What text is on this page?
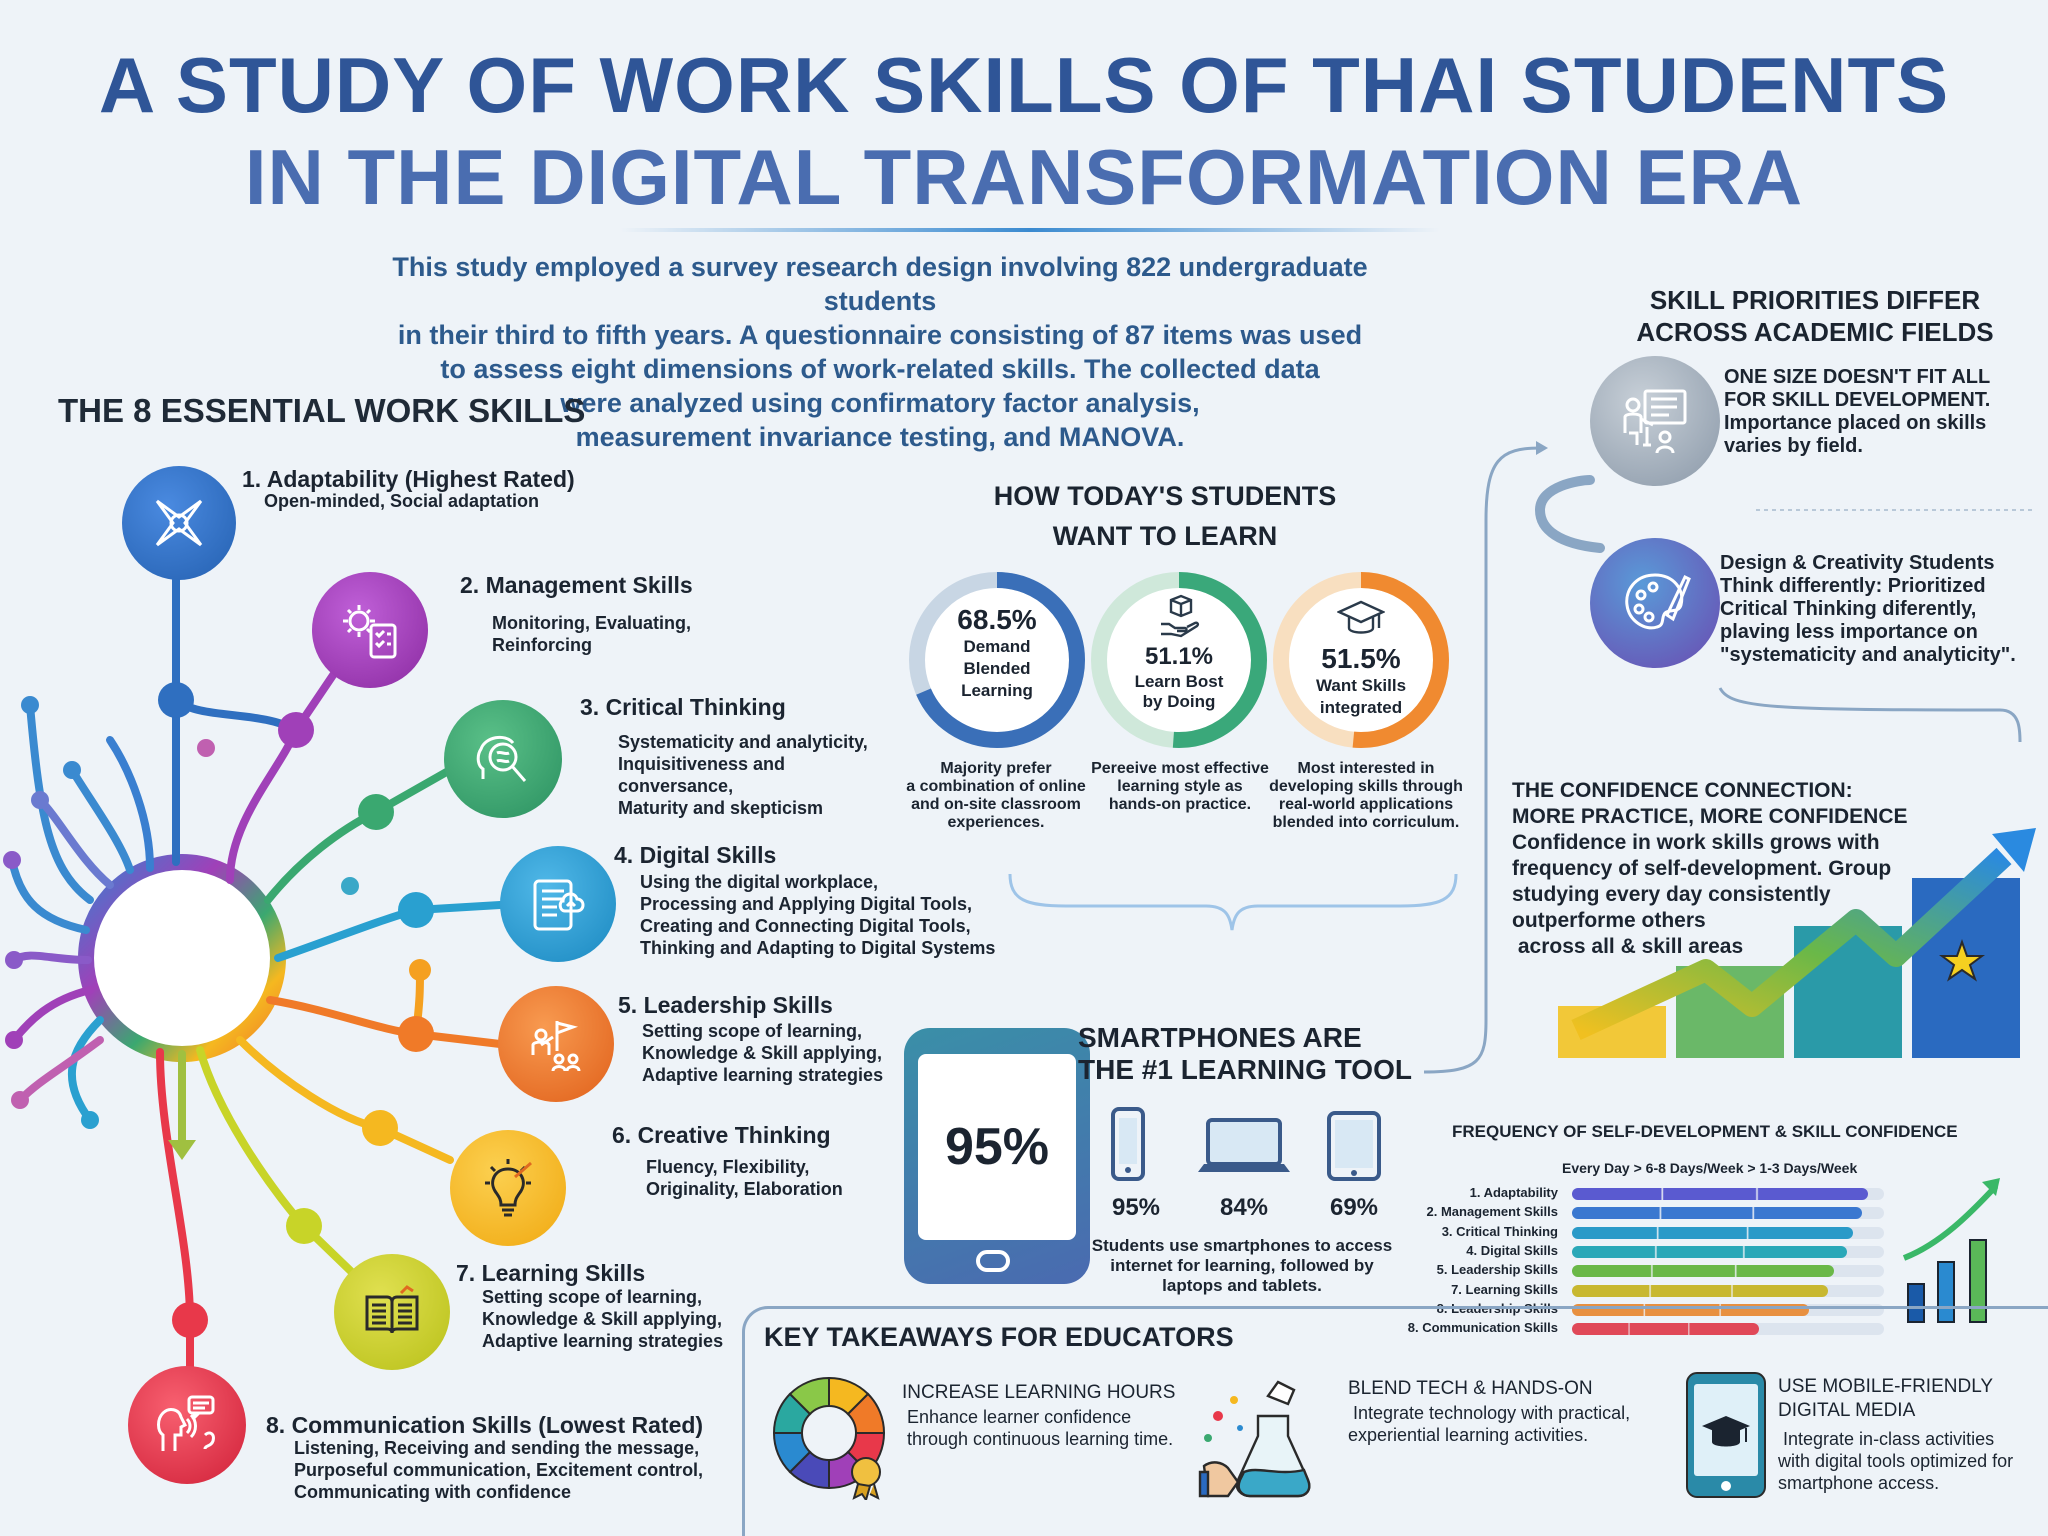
A STUDY OF WORK SKILLS OF THAI STUDENTS
IN THE DIGITAL TRANSFORMATION ERA
This study employed a survey research design involving 822 undergraduate students
in their third to fifth years. A questionnaire consisting of 87 items was used
to assess eight dimensions of work-related skills. The collected data
were analyzed using confirmatory factor analysis,
measurement invariance testing, and MANOVA.
THE 8 ESSENTIAL WORK SKILLS
1. Adaptability (Highest Rated)
Open-minded, Social adaptation
2. Management Skills
Monitoring, Evaluating,
Reinforcing
3. Critical Thinking
Systematicity and analyticity,
Inquisitiveness and
conversance,
Maturity and skepticism
4. Digital Skills
Using the digital workplace,
Processing and Applying Digital Tools,
Creating and Connecting Digital Tools,
Thinking and Adapting to Digital Systems
5. Leadership Skills
Setting scope of learning,
Knowledge & Skill applying,
Adaptive learning strategies
6. Creative Thinking
Fluency, Flexibility,
Originality, Elaboration
7. Learning Skills
Setting scope of learning,
Knowledge & Skill applying,
Adaptive learning strategies
8. Communication Skills (Lowest Rated)
Listening, Receiving and sending the message,
Purposeful communication, Excitement control,
Communicating with confidence
HOW TODAY'S STUDENTS
WANT TO LEARN
68.5%
Demand
Blended
Learning
51.1%
Learn Bost
by Doing
51.5%
Want Skills
integrated
Majority prefer
a combination of online
and on-site classroom
experiences.
Pereeive most effective
learning style as
hands-on practice.
Most interested in
developing skills through
real-world applications
blended into corriculum.
95%
SMARTPHONES ARE
THE #1 LEARNING TOOL
95%	84%	69%
Students use smartphones to access
internet for learning, followed by
laptops and tablets.
SKILL PRIORITIES DIFFER
ACROSS ACADEMIC FIELDS
ONE SIZE DOESN'T FIT ALL
FOR SKILL DEVELOPMENT.
Importance placed on skills
varies by field.
Design & Creativity Students
Think differently: Prioritized
Critical Thinking diferently,
plaving less importance on
"systematicity and analyticity".
THE CONFIDENCE CONNECTION:
MORE PRACTICE, MORE CONFIDENCE
Confidence in work skills grows with
frequency of self-development. Group
studying every day consistently
outperforme others
across all & skill areas
FREQUENCY OF SELF-DEVELOPMENT & SKILL CONFIDENCE
Every Day > 6-8 Days/Week > 1-3 Days/Week
1. Adaptability
2. Management Skills
3. Critical Thinking
4. Digital Skills
5. Leadership Skills
7. Learning Skills
8. Leadership Skills
8. Communication Skills
KEY TAKEAWAYS FOR EDUCATORS
INCREASE LEARNING HOURS
Enhance learner confidence
through continuous learning time.
BLEND TECH & HANDS-ON
Integrate technology with practical,
experiential learning activities.
USE MOBILE-FRIENDLY
DIGITAL MEDIA
Integrate in-class activities
with digital tools optimized for
smartphone access.
